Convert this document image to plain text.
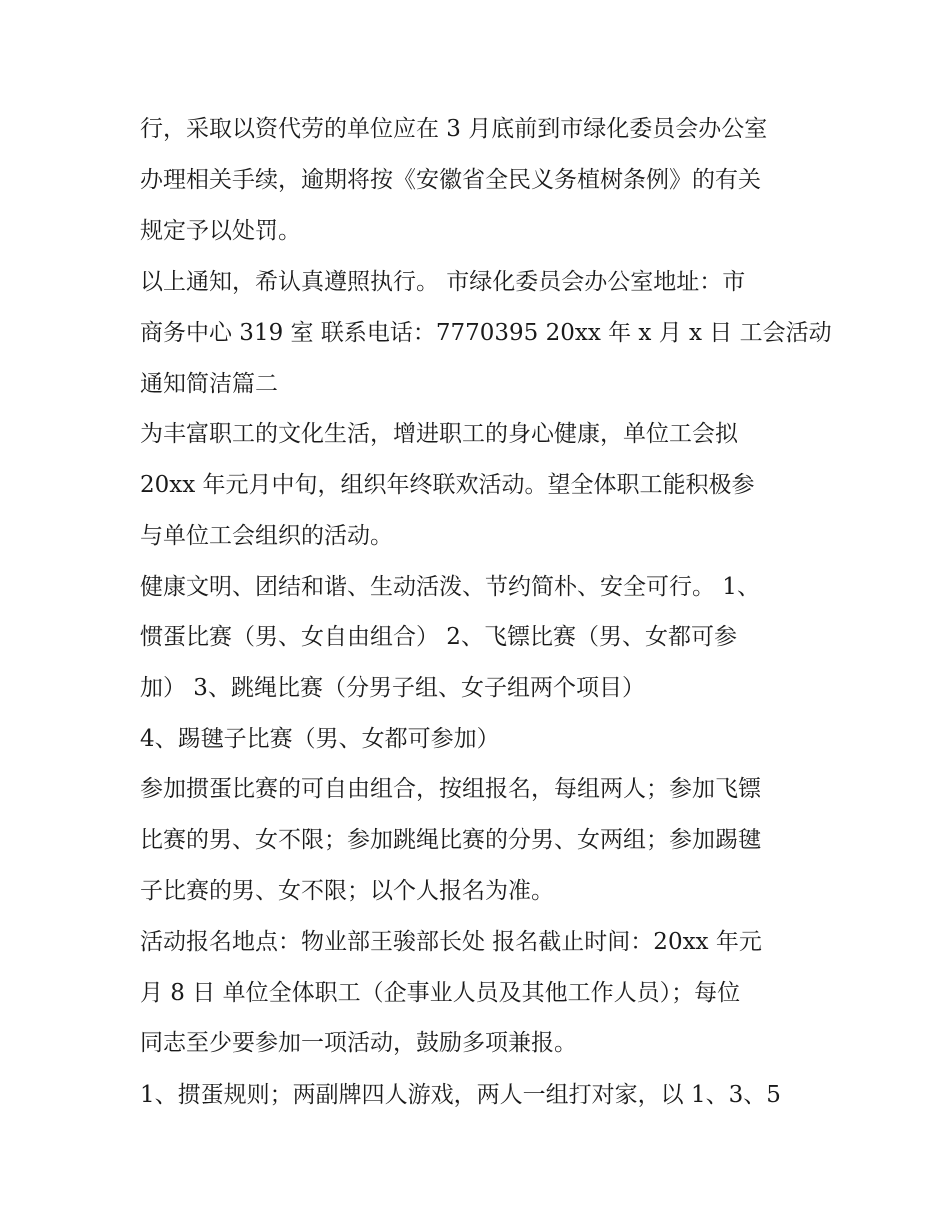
行，采取以资代劳的单位应在 3 月底前到市绿化委员会办公室
办理相关手续，逾期将按《安徽省全民义务植树条例》的有关
规定予以处罚。
以上通知，希认真遵照执行。 市绿化委员会办公室地址：市
商务中心 319 室 联系电话：7770395 20xx 年 x 月 x 日 工会活动
通知简洁篇二
为丰富职工的文化生活，增进职工的身心健康，单位工会拟
20xx 年元月中旬，组织年终联欢活动。望全体职工能积极参
与单位工会组织的活动。
健康文明、团结和谐、生动活泼、节约简朴、安全可行。 1、
惯蛋比赛（男、女自由组合） 2、飞镖比赛（男、女都可参
加） 3、跳绳比赛（分男子组、女子组两个项目）
4、踢毽子比赛（男、女都可参加）
参加掼蛋比赛的可自由组合，按组报名，每组两人；参加飞镖
比赛的男、女不限；参加跳绳比赛的分男、女两组；参加踢毽
子比赛的男、女不限；以个人报名为准。
活动报名地点：物业部王骏部长处 报名截止时间：20xx 年元
月 8 日 单位全体职工（企事业人员及其他工作人员）；每位
同志至少要参加一项活动，鼓励多项兼报。
1、掼蛋规则；两副牌四人游戏，两人一组打对家，以 1、3、5
